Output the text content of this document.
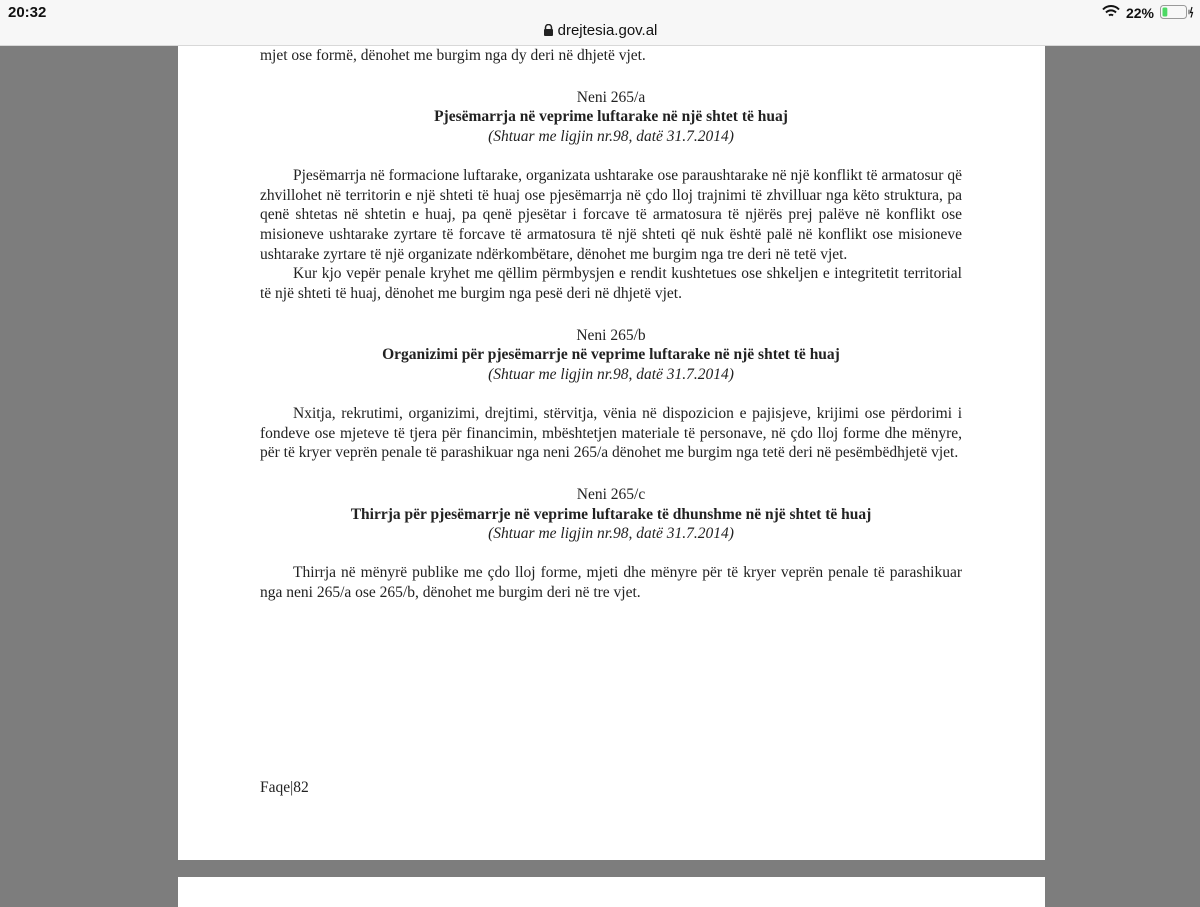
20:32
drejtesia.gov.al
22%

mjet ose formë, dënohet me burgim nga dy deri në dhjetë vjet.

Neni 265/a

Pjesëmarrja në veprime luftarake në një shtet të huaj

(Shtuar me ligjin nr.98, datë 31.7.2014)

Pjesëmarrja në formacione luftarake, organizata ushtarake ose paraushtarake në një konflikt të armatosur që zhvillohet në territorin e një shteti të huaj ose pjesëmarrja në çdo lloj trajnimi të zhvilluar nga këto struktura, pa qenë shtetas në shtetin e huaj, pa qenë pjesëtar i forcave të armatosura të njërës prej palëve në konflikt ose misioneve ushtarake zyrtare të forcave të armatosura të një shteti që nuk është palë në konflikt ose misioneve ushtarake zyrtare të një organizate ndërkombëtare, dënohet me burgim nga tre deri në tetë vjet.

Kur kjo vepër penale kryhet me qëllim përmbysjen e rendit kushtetues ose shkeljen e integritetit territorial të një shteti të huaj, dënohet me burgim nga pesë deri në dhjetë vjet.

Neni 265/b

Organizimi për pjesëmarrje në veprime luftarake në një shtet të huaj

(Shtuar me ligjin nr.98, datë 31.7.2014)

Nxitja, rekrutimi, organizimi, drejtimi, stërvitja, vënia në dispozicion e pajisjeve, krijimi ose përdorimi i fondeve ose mjeteve të tjera për financimin, mbështetjen materiale të personave, në çdo lloj forme dhe mënyre, për të kryer veprën penale të parashikuar nga neni 265/a dënohet me burgim nga tetë deri në pesëmbëdhjetë vjet.

Neni 265/c

Thirrja për pjesëmarrje në veprime luftarake të dhunshme në një shtet të huaj

(Shtuar me ligjin nr.98, datë 31.7.2014)

Thirrja në mënyrë publike me çdo lloj forme, mjeti dhe mënyre për të kryer veprën penale të parashikuar nga neni 265/a ose 265/b, dënohet me burgim deri në tre vjet.

Faqe|82
